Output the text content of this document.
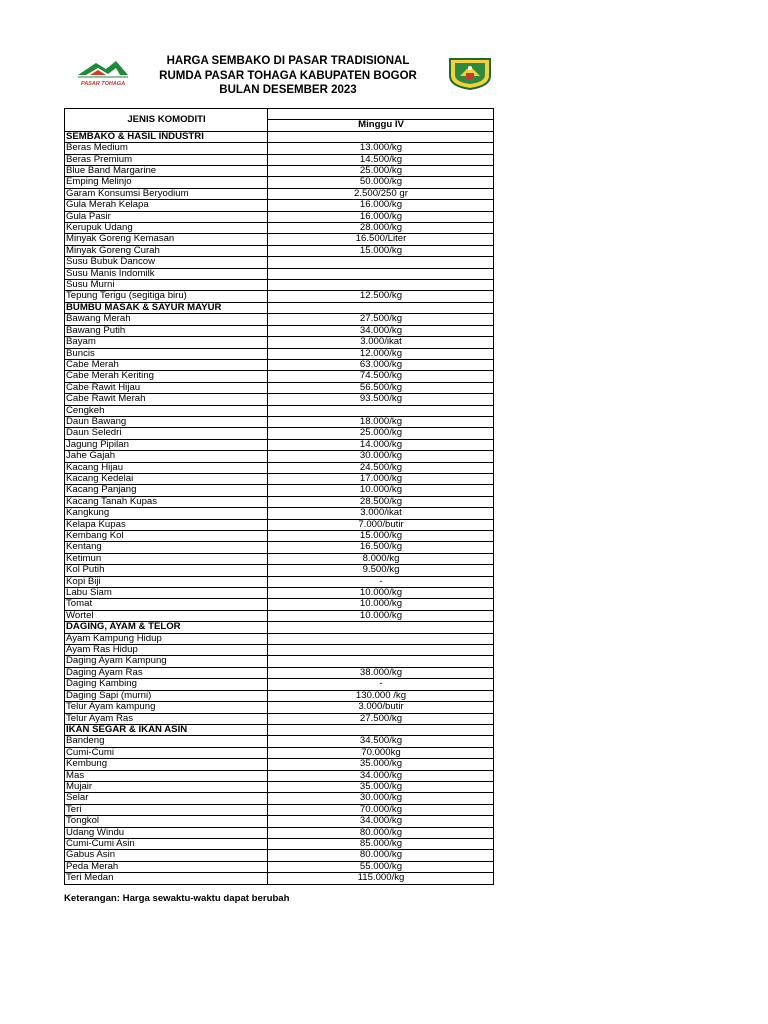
PASAR TOHAGA
HARGA SEMBAKO DI PASAR TRADISIONAL
RUMDA PASAR TOHAGA KABUPATEN BOGOR
BULAN DESEMBER 2023
JENIS KOMODITI	
	Minggu IV
SEMBAKO & HASIL INDUSTRI	
Beras Medium	13.000/kg
Beras Premium	14.500/kg
Blue Band Margarine	25.000/kg
Emping Melinjo	50.000/kg
Garam Konsumsi Beryodium	2.500/250 gr
Gula Merah Kelapa	16.000/kg
Gula Pasir	16.000/kg
Kerupuk Udang	28.000/kg
Minyak Goreng Kemasan	16.500/Liter
Minyak Goreng Curah	15.000/kg
Susu Bubuk Dancow	
Susu Manis Indomilk	
Susu Murni	
Tepung Terigu (segitiga biru)	12.500/kg
BUMBU MASAK & SAYUR MAYUR	
Bawang Merah	27.500/kg
Bawang Putih	34.000/kg
Bayam	3.000/ikat
Buncis	12.000/kg
Cabe Merah	63.000/kg
Cabe Merah Keriting	74.500/kg
Cabe Rawit Hijau	56.500/kg
Cabe Rawit Merah	93.500/kg
Cengkeh	
Daun Bawang	18.000/kg
Daun Seledri	25.000/kg
Jagung Pipilan	14.000/kg
Jahe Gajah	30.000/kg
Kacang Hijau	24.500/kg
Kacang Kedelai	17.000/kg
Kacang Panjang	10.000/kg
Kacang Tanah Kupas	28.500/kg
Kangkung	3.000/ikat
Kelapa Kupas	7.000/butir
Kembang Kol	15.000/kg
Kentang	16.500/kg
Ketimun	8.000/kg
Kol Putih	9.500/kg
Kopi Biji	-
Labu Siam	10.000/kg
Tomat	10.000/kg
Wortel	10.000/kg
DAGING, AYAM & TELOR	
Ayam Kampung Hidup	
Ayam Ras Hidup	
Daging Ayam Kampung	
Daging Ayam Ras	38.000/kg
Daging Kambing	-
Daging Sapi (murni)	130.000 /kg
Telur Ayam kampung	3.000/butir
Telur Ayam Ras	27.500/kg
IKAN SEGAR & IKAN ASIN	
Bandeng	34.500/kg
Cumi-Cumi	70.000kg
Kembung	35.000/kg
Mas	34.000/kg
Mujair	35.000/kg
Selar	30.000/kg
Teri	70.000/kg
Tongkol	34.000/kg
Udang Windu	80.000/kg
Cumi-Cumi Asin	85.000/kg
Gabus Asin	80.000/kg
Peda Merah	55.000/kg
Teri Medan	115.000/kg
Keterangan: Harga sewaktu-waktu dapat berubah
